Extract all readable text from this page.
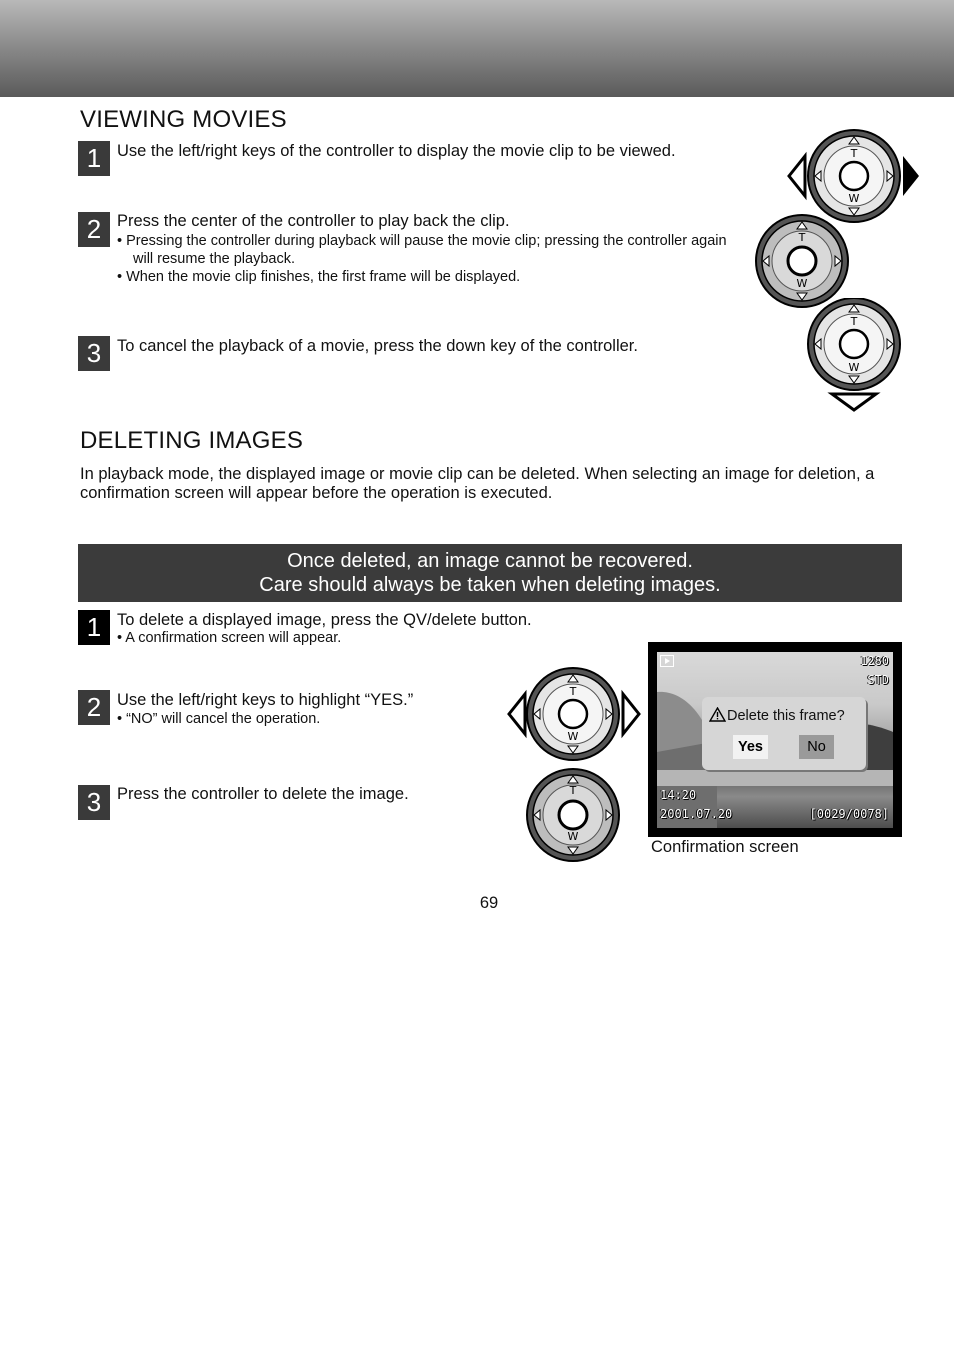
VIEWING MOVIES
1 Use the left/right keys of the controller to display the movie clip to be viewed.

2 Press the center of the controller to play back the clip.

• Pressing the controller during playback will pause the movie clip; pressing the controller again will resume the playback.

• When the movie clip finishes, the first frame will be displayed.

3 To cancel the playback of a movie, press the down key of the controller.

T
W
T
W
T
W
DELETING IMAGES

In playback mode, the displayed image or movie clip can be deleted. When selecting an image for deletion, a confirmation screen will appear before the operation is executed.

Once deleted, an image cannot be recovered.
Care should always be taken when deleting images.
1 To delete a displayed image, press the QV/delete button.

• A confirmation screen will appear.

2 Use the left/right keys to highlight “YES.”

• “NO” will cancel the operation.

3 Press the controller to delete the image.

T
W
T
W
1280
STD
Delete this frame?
Yes	No
14:20
2001.07.20	[0029/0078]

Confirmation screen

69
